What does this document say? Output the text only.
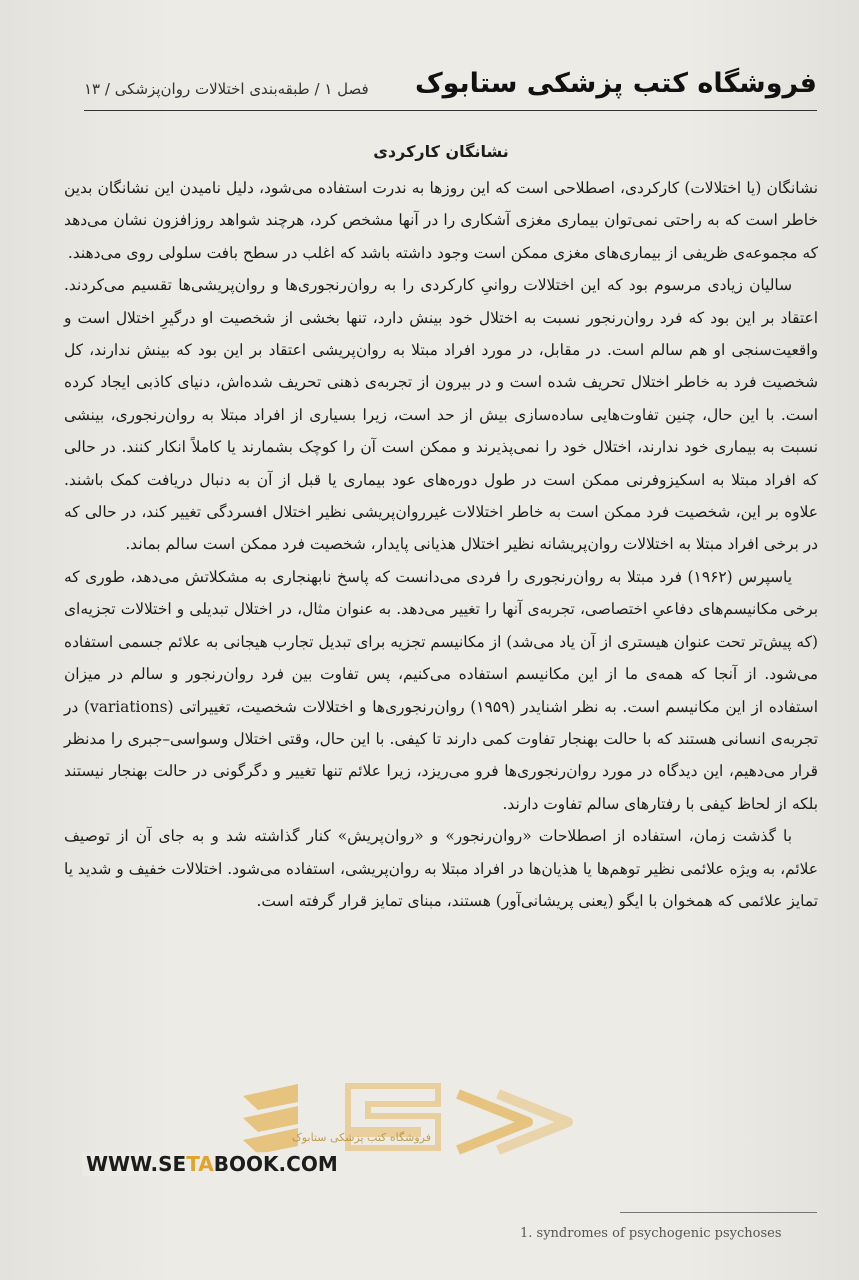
فروشگاه کتب پزشکی ستابوک
فصل ۱ / طبقه‌بندی اختلالات روان‌پزشکی / ۱۳
نشانگان کارکردی

نشانگان (یا اختلالات) کارکردی، اصطلاحی است که این روزها به ندرت استفاده می‌شود، دلیل نامیدن این نشانگان بدین خاطر است که به راحتی نمی‌توان بیماری مغزی آشکاری را در آنها مشخص کرد، هرچند شواهد روزافزون نشان می‌دهد که مجموعه‌ی ظریفی از بیماری‌های مغزی ممکن است وجود داشته باشد که اغلب در سطح بافت سلولی روی می‌دهند.

سالیان زیادی مرسوم بود که این اختلالات روانیِ کارکردی را به روان‌رنجوری‌ها و روان‌پریشی‌ها تقسیم می‌کردند. اعتقاد بر این بود که فرد روان‌رنجور نسبت به اختلال خود بینش دارد، تنها بخشی از شخصیت او درگیرِ اختلال است و واقعیت‌سنجی او هم سالم است. در مقابل، در مورد افراد مبتلا به روان‌پریشی اعتقاد بر این بود که بینش ندارند، کل شخصیت فرد به خاطر اختلال تحریف شده است و در بیرون از تجربه‌ی ذهنی تحریف شده‌اش، دنیای کاذبی ایجاد کرده است. با این حال، چنین تفاوت‌هایی ساده‌سازی بیش از حد است، زیرا بسیاری از افراد مبتلا به روان‌رنجوری، بینشی نسبت به بیماری خود ندارند، اختلال خود را نمی‌پذیرند و ممکن است آن را کوچک بشمارند یا کاملاً انکار کنند. در حالی که افراد مبتلا به اسکیزوفرنی ممکن است در طول دوره‌های عود بیماری یا قبل از آن به دنبال دریافت کمک باشند. علاوه بر این، شخصیت فرد ممکن است به خاطر اختلالات غیرروان‌پریشی نظیر اختلال افسردگی تغییر کند، در حالی که در برخی افراد مبتلا به اختلالات روان‌پریشانه نظیر اختلال هذیانی پایدار، شخصیت فرد ممکن است سالم بماند.

یاسپرس (۱۹۶۲) فرد مبتلا به روان‌رنجوری را فردی می‌دانست که پاسخ نابهنجاری به مشکلاتش می‌دهد، طوری که برخی مکانیسم‌های دفاعیِ اختصاصی، تجربه‌ی آنها را تغییر می‌دهد. به عنوان مثال، در اختلال تبدیلی و اختلالات تجزیه‌ای (که پیش‌تر تحت عنوان هیستری از آن یاد می‌شد) از مکانیسم تجزیه برای تبدیل تجارب هیجانی به علائم جسمی استفاده می‌شود. از آنجا که همه‌ی ما از این مکانیسم استفاده می‌کنیم، پس تفاوت بین فرد روان‌رنجور و سالم در میزان استفاده از این مکانیسم است. به نظر اشنایدر (۱۹۵۹) روان‌رنجوری‌ها و اختلالات شخصیت، تغییراتی (variations) در تجربه‌ی انسانی هستند که با حالت بهنجار تفاوت کمی دارند تا کیفی. با این حال، وقتی اختلال وسواسی–جبری را مدنظر قرار می‌دهیم، این دیدگاه در مورد روان‌رنجوری‌ها فرو می‌ریزد، زیرا علائم تنها تغییر و دگرگونی در حالت بهنجار نیستند بلکه از لحاظ کیفی با رفتارهای سالم تفاوت دارند.

با گذشت زمان، استفاده از اصطلاحات «روان‌رنجور» و «روان‌پریش» کنار گذاشته شد و به جای آن از توصیف علائم، به ویژه علائمی نظیر توهم‌ها یا هذیان‌ها در افراد مبتلا به روان‌پریشی، استفاده می‌شود. اختلالات خفیف و شدید یا تمایز علائمی که همخوان با ایگو (یعنی پریشانی‌آور) هستند، مبنای تمایز قرار گرفته است.

فروشگاه کتب پزشکی ستابوک
WWW.SETABOOK.COM
1. syndromes of psychogenic psychoses
